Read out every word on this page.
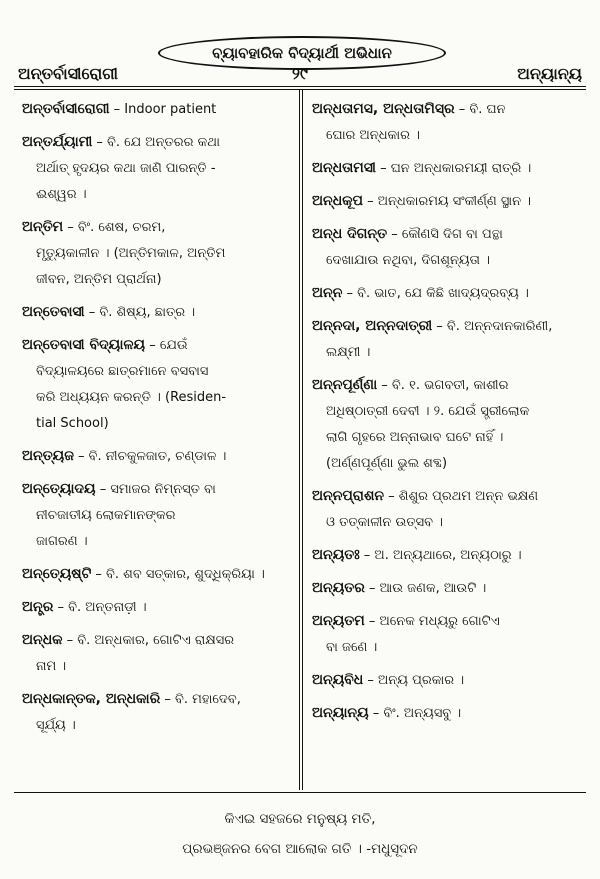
ବ୍ୟାବହାରିକ ବିଦ୍ୟାର୍ଥୀ ଅଭିଧାନ
ଅନ୍ତର୍ବାସୀରୋଗୀ	୨୯	ଅନ୍ୟାନ୍ୟ
ଅନ୍ତର୍ବାସୀରୋଗୀ – Indoor patient
ଅନ୍ତର୍ଯ୍ୟାମୀ – ବି. ଯେ ଅନ୍ତରର କଥା
ଅର୍ଥାତ୍ ହୃଦୟର କଥା ଜାଣି ପାରନ୍ତି -
ଈଶ୍ୱର ।
ଅନ୍ତିମ – ବିଂ. ଶେଷ, ଚରମ,
ମୃତ୍ୟୁକାଳୀନ । (ଅନ୍ତିମକାଳ, ଅନ୍ତିମ
ଜୀବନ, ଅନ୍ତିମ ପ୍ରାର୍ଥନା)
ଅନ୍ତେବାସୀ – ବି. ଶିଷ୍ୟ, ଛାତ୍ର ।
ଅନ୍ତେବାସୀ ବିଦ୍ୟାଳୟ – ଯେଉଁ
ବିଦ୍ୟାଳୟରେ ଛାତ୍ରମାନେ ବସବାସ
କରି ଅଧ୍ୟୟନ କରନ୍ତି । (Residen-
tial School)
ଅନ୍ତ୍ୟଜ – ବି. ନୀଚକୁଳଜାତ, ଚଣ୍ଡାଳ ।
ଅନ୍ତ୍ୟୋଦୟ – ସମାଜର ନିମ୍ନସ୍ତ ବା
ନୀଚଜାତୀୟ ଲୋକମାନଙ୍କର
ଜାଗରଣ ।
ଅନ୍ତ୍ୟେଷ୍ଟି – ବି. ଶବ ସତ୍କାର, ଶୁଦ୍ଧିକ୍ରିୟା ।
ଅନ୍ତ୍ର – ବି. ଅନ୍ତନାଡ଼ୀ ।
ଅନ୍ଧକ – ବି. ଅନ୍ଧକାର, ଗୋଟିଏ ରାକ୍ଷସର
ନାମ ।
ଅନ୍ଧକାନ୍ତକ, ଅନ୍ଧକାରି – ବି. ମହାଦେବ,
ସୂର୍ଯ୍ୟ ।
ଅନ୍ଧତାମସ, ଅନ୍ଧତାମିସ୍ର – ବି. ଘନ
ଘୋର ଅନ୍ଧକାର ।
ଅନ୍ଧତାମସୀ – ଘନ ଅନ୍ଧକାରମୟୀ ରାତ୍ରି ।
ଅନ୍ଧକୂପ – ଅନ୍ଧକାରମୟ ସଂକୀର୍ଣ୍ଣ ସ୍ଥାନ ।
ଅନ୍ଧ ଦିଗନ୍ତ – କୌଣସି ଦିଗ ବା ପନ୍ଥା
ଦେଖାଯାଉ ନଥିବା, ଦିଗଶୂନ୍ୟତା ।
ଅନ୍ନ – ବି. ଭାତ, ଯେ କିଛି ଖାଦ୍ୟଦ୍ରବ୍ୟ ।
ଅନ୍ନଦା, ଅନ୍ନଦାତ୍ରୀ – ବି. ଅନ୍ନଦାନକାରିଣୀ,
ଲକ୍ଷ୍ମୀ ।
ଅନ୍ନପୂର୍ଣ୍ଣା – ବି. ୧. ଭଗବତୀ, କାଶୀର
ଅଧିଷ୍ଠାତ୍ରୀ ଦେବୀ । ୨. ଯେଉଁ ସ୍ତ୍ରୀଲୋକ
ଲାଗି ଗୃହରେ ଅନ୍ନାଭାବ ଘଟେ ନାହିଁ ।
(ଅର୍ଣ୍ଣପୂର୍ଣ୍ଣା ଭୁଲ ଶବ୍ଦ)
ଅନ୍ନପ୍ରାଶନ – ଶିଶୁର ପ୍ରଥମ ଅନ୍ନ ଭକ୍ଷଣ
ଓ ତତ୍କାଳୀନ ଉତ୍ସବ ।
ଅନ୍ୟତଃ – ଅ. ଅନ୍ୟଥାରେ, ଅନ୍ୟଠାରୁ ।
ଅନ୍ୟତର – ଆଉ ଜଣକ, ଆଉଟି ।
ଅନ୍ୟତମ – ଅନେକ ମଧ୍ୟରୁ ଗୋଟିଏ
ବା ଜଣେ ।
ଅନ୍ୟବିଧ – ଅନ୍ୟ ପ୍ରକାର ।
ଅନ୍ୟାନ୍ୟ – ବିଂ. ଅନ୍ୟସବୁ ।
କିଏଇ ସହଜରେ ମନୁଷ୍ୟ ମତି,
ପ୍ରଭଞ୍ଜନର ବେଗ ଆଲୋକ ଗତି । -ମଧୁସୂଦନ
